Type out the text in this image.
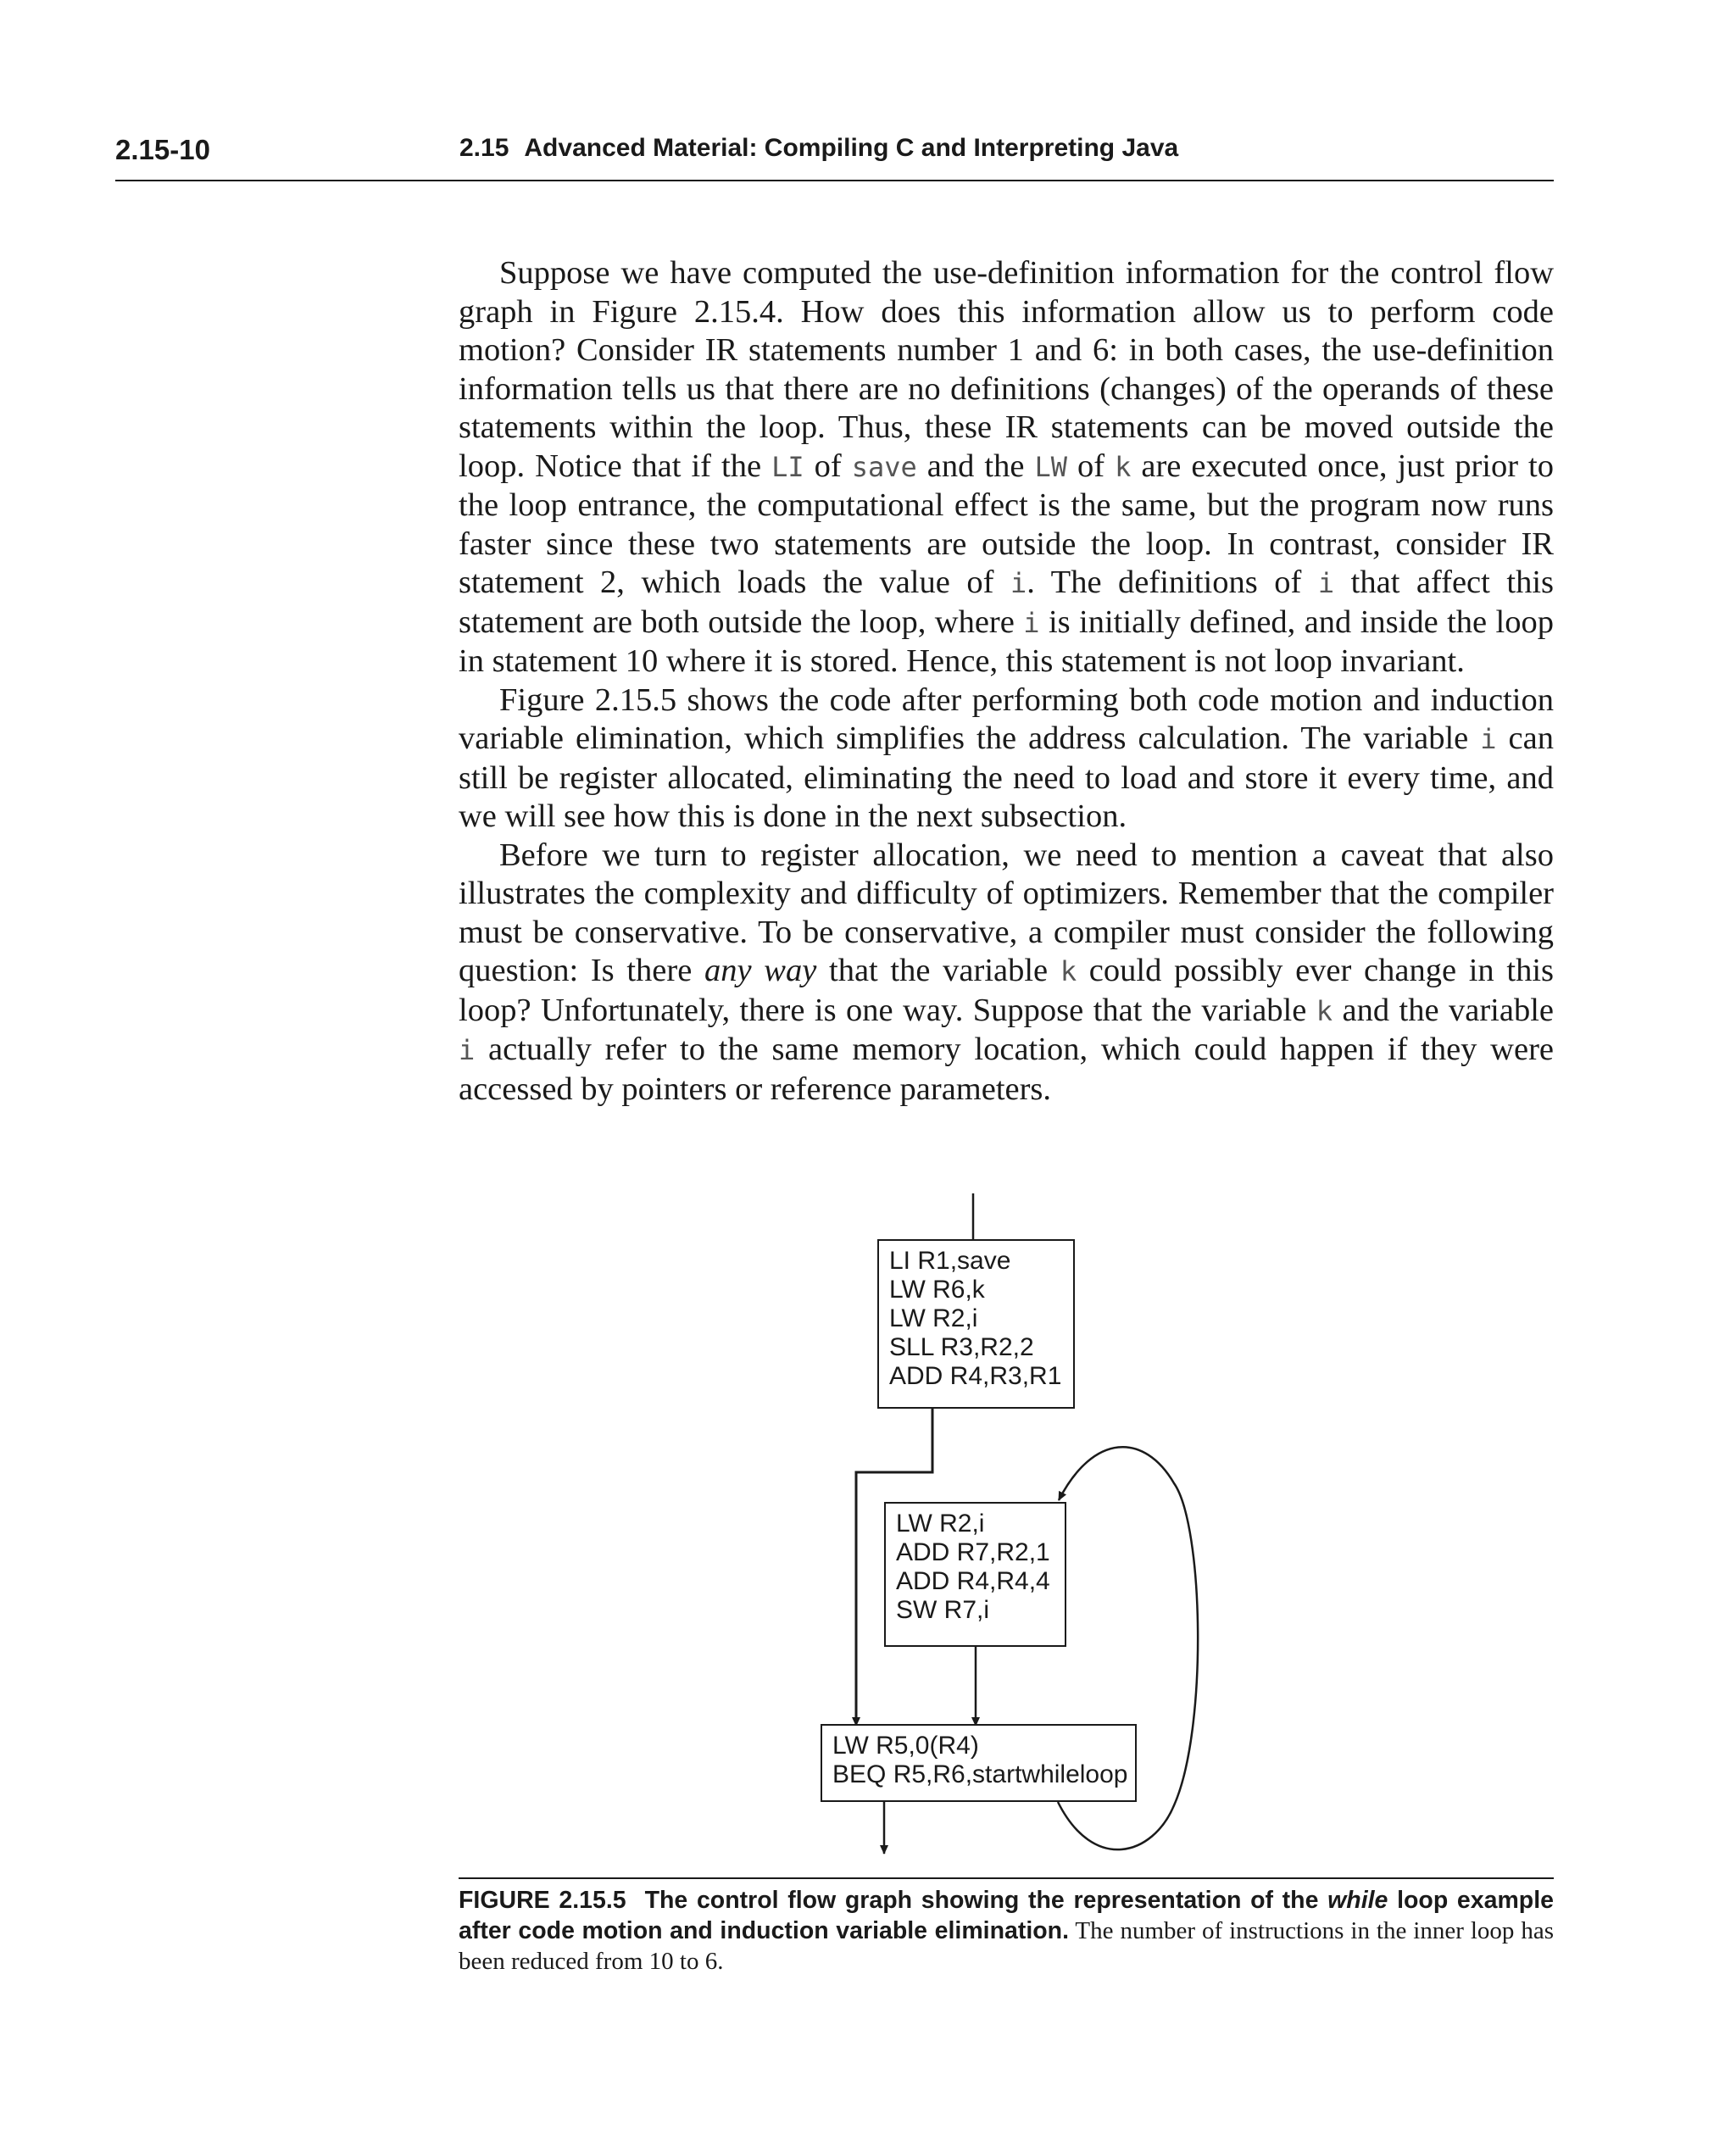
2.15-10	2.15 Advanced Material: Compiling C and Interpreting Java

Suppose we have computed the use-definition information for the control flow graph in Figure 2.15.4. How does this information allow us to perform code motion? Consider IR statements number 1 and 6: in both cases, the use-definition information tells us that there are no definitions (changes) of the operands of these statements within the loop. Thus, these IR statements can be moved outside the loop. Notice that if the LI of save and the LW of k are executed once, just prior to the loop entrance, the computational effect is the same, but the program now runs faster since these two statements are outside the loop. In contrast, consider IR statement 2, which loads the value of i. The definitions of i that affect this statement are both outside the loop, where i is initially defined, and inside the loop in statement 10 where it is stored. Hence, this statement is not loop invariant.

Figure 2.15.5 shows the code after performing both code motion and induction variable elimination, which simplifies the address calculation. The variable i can still be register allocated, eliminating the need to load and store it every time, and we will see how this is done in the next subsection.

Before we turn to register allocation, we need to mention a caveat that also illustrates the complexity and difficulty of optimizers. Remember that the compiler must be conservative. To be conservative, a compiler must consider the following question: Is there any way that the variable k could possibly ever change in this loop? Unfortunately, there is one way. Suppose that the variable k and the variable i actually refer to the same memory location, which could happen if they were accessed by pointers or reference parameters.

LI R1,save
LW R6,k
LW R2,i
SLL R3,R2,2
ADD R4,R3,R1
LW R2,i
ADD R7,R2,1
ADD R4,R4,4
SW R7,i
LW R5,0(R4)
BEQ R5,R6,startwhileloop
FIGURE 2.15.5 The control flow graph showing the representation of the while loop example after code motion and induction variable elimination. The number of instructions in the inner loop has been reduced from 10 to 6.
